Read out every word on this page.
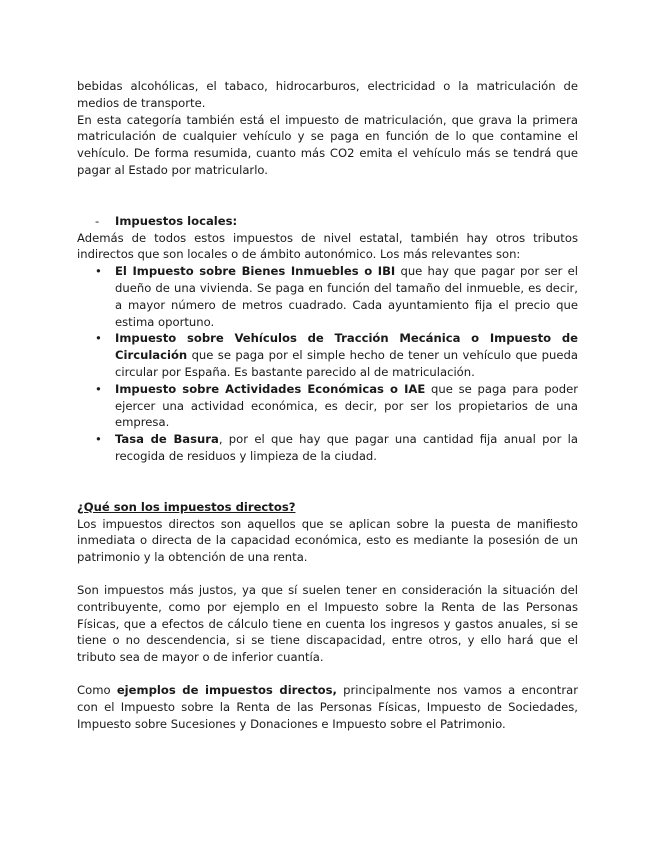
bebidas alcohólicas, el tabaco, hidrocarburos, electricidad o la matriculación de medios de transporte.

En esta categoría también está el impuesto de matriculación, que grava la primera matriculación de cualquier vehículo y se paga en función de lo que contamine el vehículo. De forma resumida, cuanto más CO2 emita el vehículo más se tendrá que pagar al Estado por matricularlo.

-	Impuestos locales:

Además de todos estos impuestos de nivel estatal, también hay otros tributos indirectos que son locales o de ámbito autonómico. Los más relevantes son:

•	El Impuesto sobre Bienes Inmuebles o IBI que hay que pagar por ser el dueño de una vivienda. Se paga en función del tamaño del inmueble, es decir, a mayor número de metros cuadrado. Cada ayuntamiento fija el precio que estima oportuno.
•	Impuesto sobre Vehículos de Tracción Mecánica o Impuesto de Circulación que se paga por el simple hecho de tener un vehículo que pueda circular por España. Es bastante parecido al de matriculación.
•	Impuesto sobre Actividades Económicas o IAE que se paga para poder ejercer una actividad económica, es decir, por ser los propietarios de una empresa.
•	Tasa de Basura, por el que hay que pagar una cantidad fija anual por la recogida de residuos y limpieza de la ciudad.

¿Qué son los impuestos directos?

Los impuestos directos son aquellos que se aplican sobre la puesta de manifiesto inmediata o directa de la capacidad económica, esto es mediante la posesión de un patrimonio y la obtención de una renta.

Son impuestos más justos, ya que sí suelen tener en consideración la situación del contribuyente, como por ejemplo en el Impuesto sobre la Renta de las Personas Físicas, que a efectos de cálculo tiene en cuenta los ingresos y gastos anuales, si se tiene o no descendencia, si se tiene discapacidad, entre otros, y ello hará que el tributo sea de mayor o de inferior cuantía.

Como ejemplos de impuestos directos, principalmente nos vamos a encontrar con el Impuesto sobre la Renta de las Personas Físicas, Impuesto de Sociedades, Impuesto sobre Sucesiones y Donaciones e Impuesto sobre el Patrimonio.
